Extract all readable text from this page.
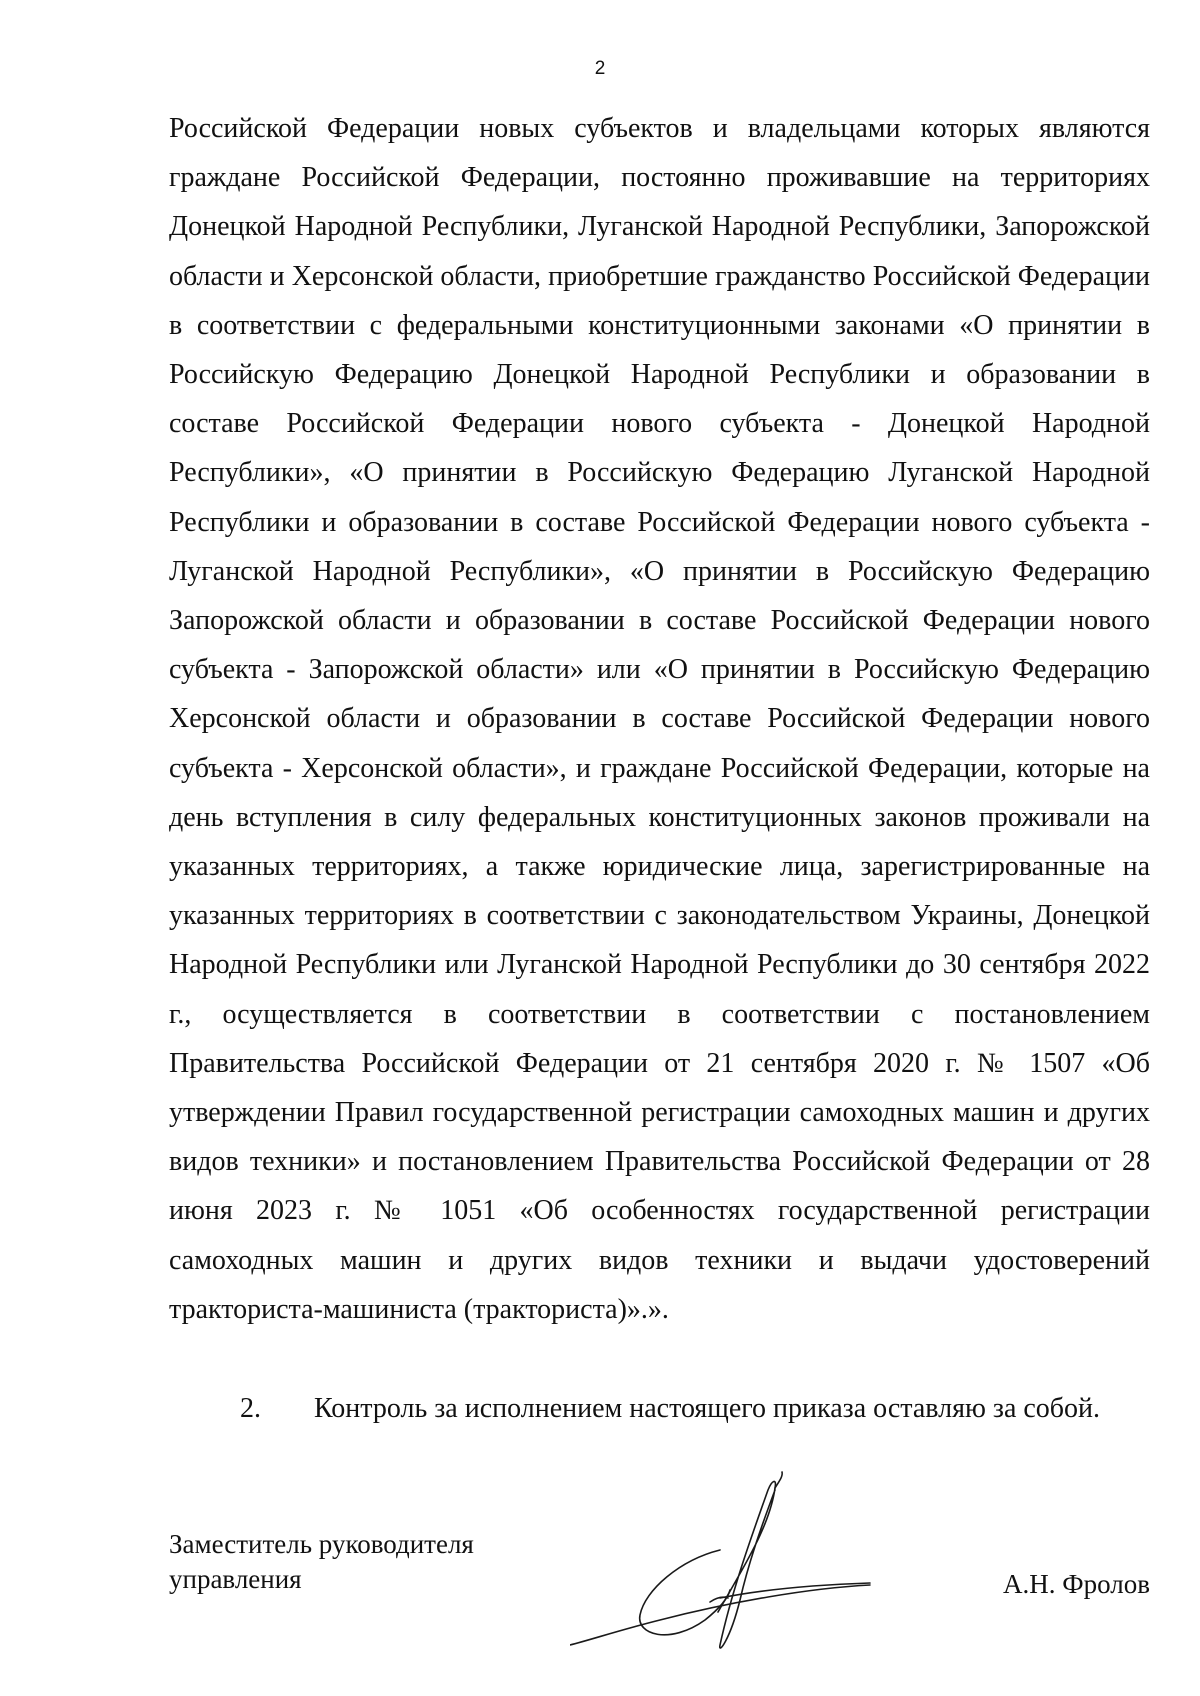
2

Российской Федерации новых субъектов и владельцами которых являются граждане Российской Федерации, постоянно проживавшие на территориях Донецкой Народной Республики, Луганской Народной Республики, Запорожской области и Херсонской области, приобретшие гражданство Российской Федерации в соответствии с федеральными конституционными законами «О принятии в Российскую Федерацию Донецкой Народной Республики и образовании в составе Российской Федерации нового субъекта - Донецкой Народной Республики», «О принятии в Российскую Федерацию Луганской Народной Республики и образовании в составе Российской Федерации нового субъекта - Луганской Народной Республики», «О принятии в Российскую Федерацию Запорожской области и образовании в составе Российской Федерации нового субъекта - Запорожской области» или «О принятии в Российскую Федерацию Херсонской области и образовании в составе Российской Федерации нового субъекта - Херсонской области», и граждане Российской Федерации, которые на день вступления в силу федеральных конституционных законов проживали на указанных территориях, а также юридические лица, зарегистрированные на указанных территориях в соответствии с законодательством Украины, Донецкой Народной Республики или Луганской Народной Республики до 30 сентября 2022 г., осуществляется в соответствии в соответствии с постановлением Правительства Российской Федерации от 21 сентября 2020 г. № 1507 «Об утверждении Правил государственной регистрации самоходных машин и других видов техники» и постановлением Правительства Российской Федерации от 28 июня 2023 г. № 1051 «Об особенностях государственной регистрации самоходных машин и других видов техники и выдачи удостоверений тракториста-машиниста (тракториста)».».

2. Контроль за исполнением настоящего приказа оставляю за собой.
Заместитель руководителя
управления	А.Н. Фролов
